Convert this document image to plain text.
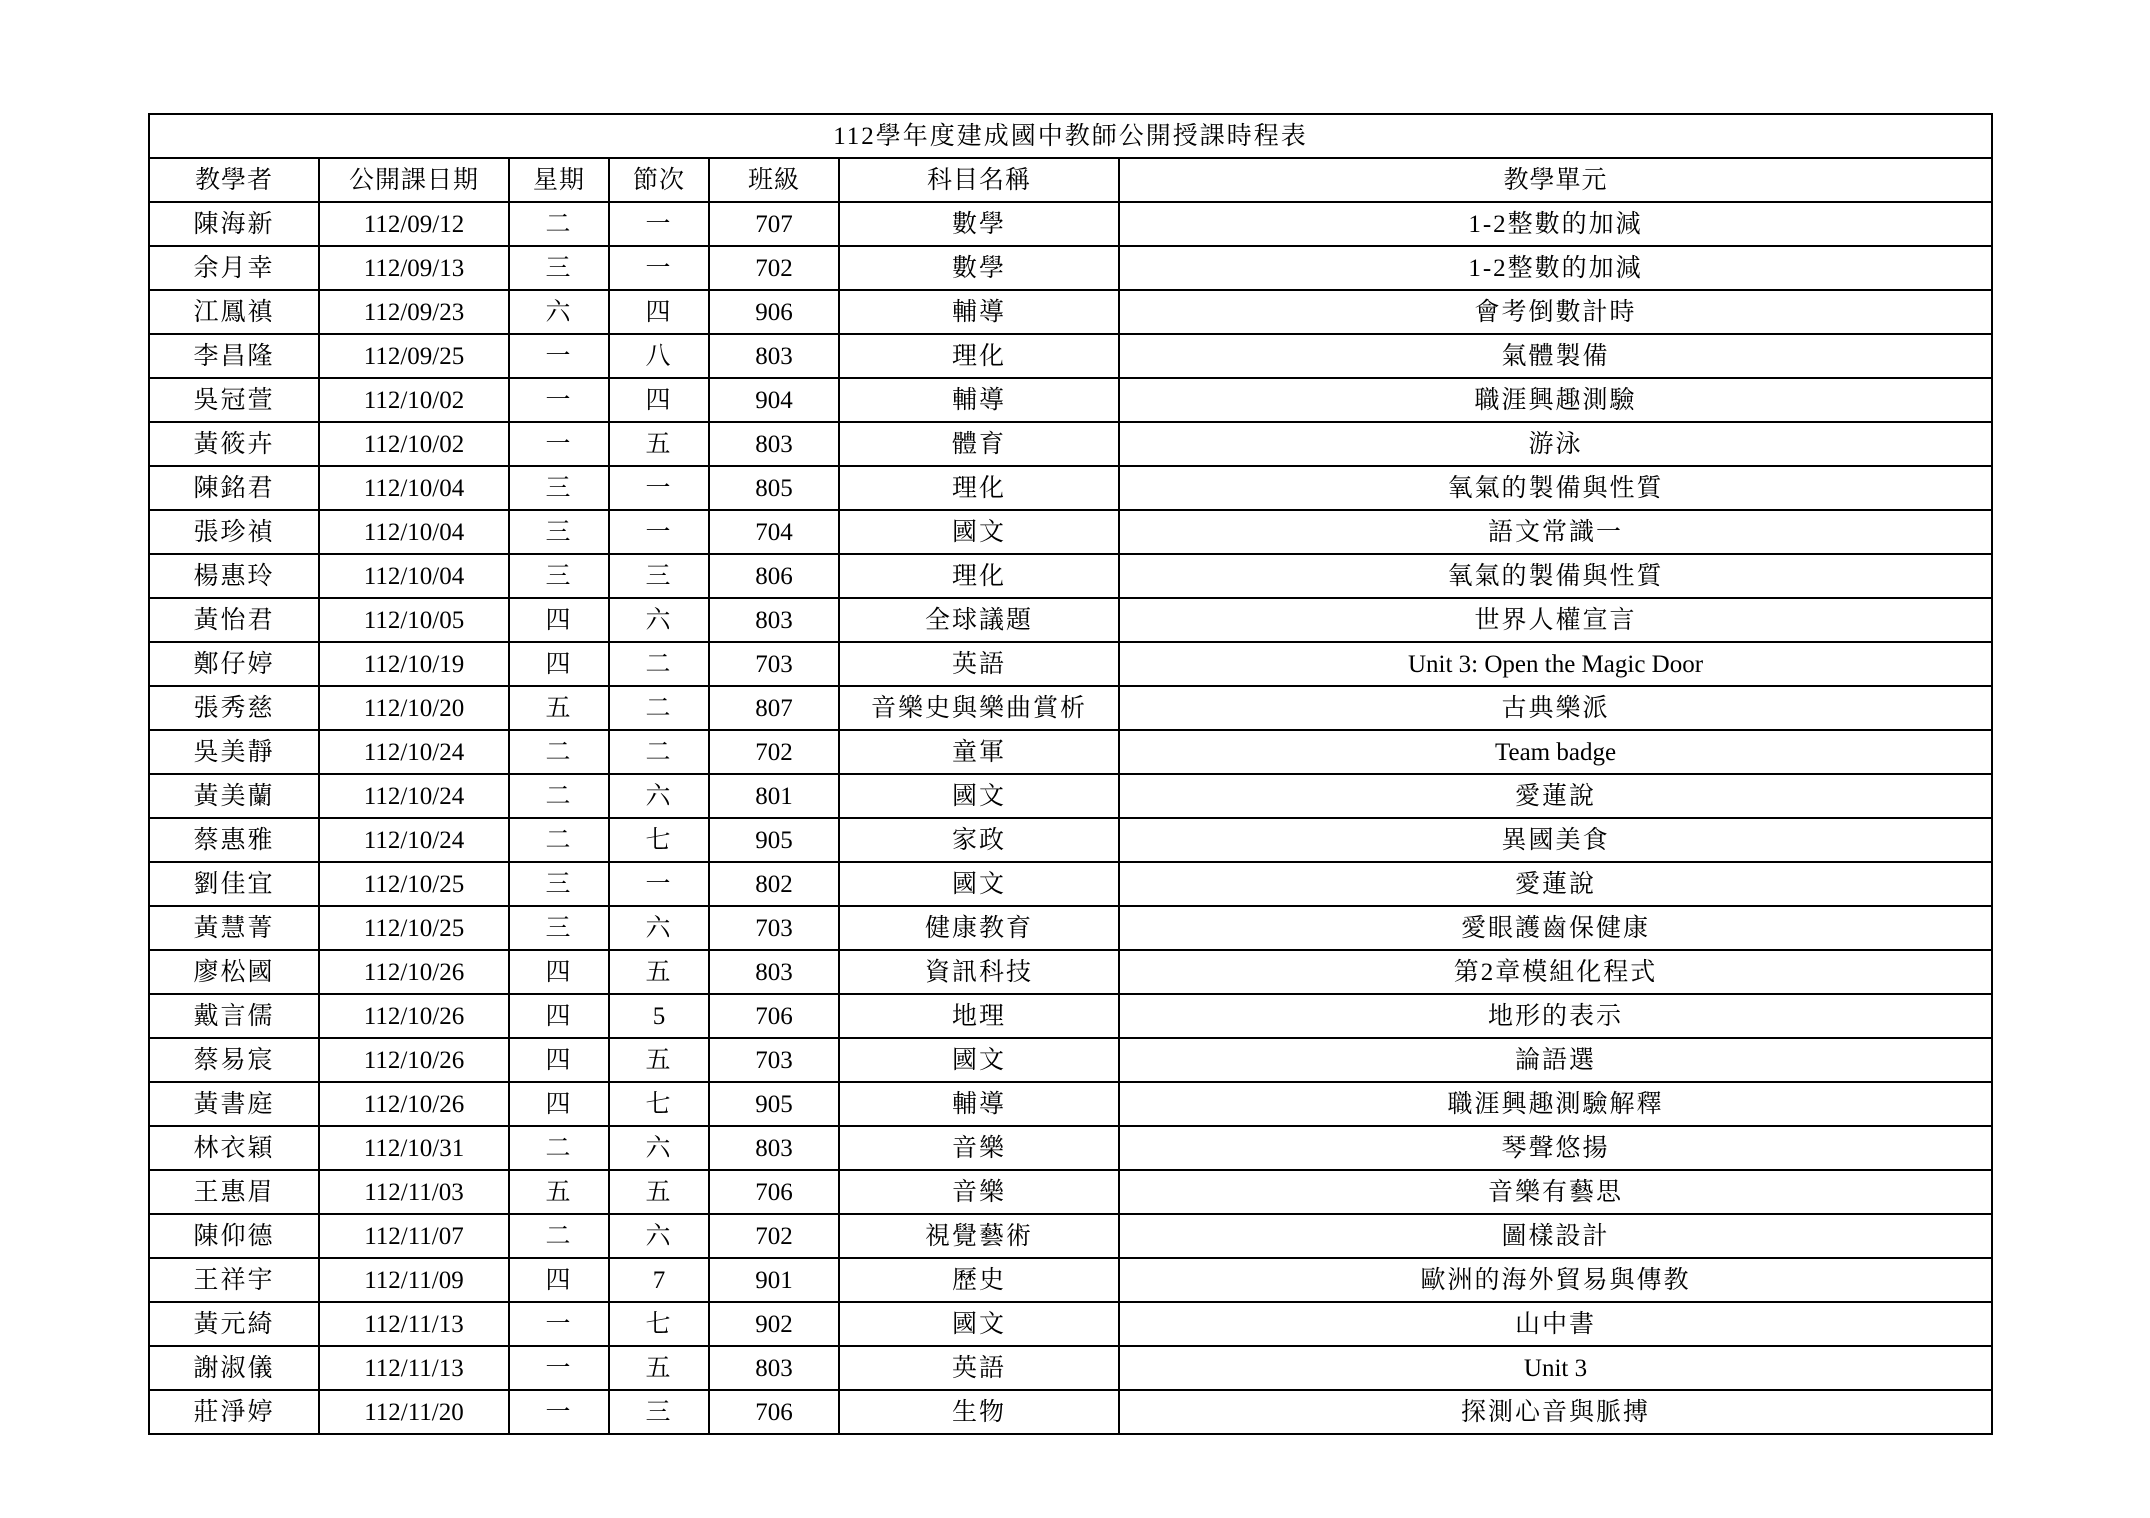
112學年度建成國中教師公開授課時程表						
教學者	公開課日期	星期	節次	班級	科目名稱	教學單元
陳海新	112/09/12	二	一	707	數學	1-2整數的加減
余月幸	112/09/13	三	一	702	數學	1-2整數的加減
江鳳禛	112/09/23	六	四	906	輔導	會考倒數計時
李昌隆	112/09/25	一	八	803	理化	氣體製備
吳冠萱	112/10/02	一	四	904	輔導	職涯興趣測驗
黃筱卉	112/10/02	一	五	803	體育	游泳
陳銘君	112/10/04	三	一	805	理化	氧氣的製備與性質
張珍禎	112/10/04	三	一	704	國文	語文常識一
楊惠玲	112/10/04	三	三	806	理化	氧氣的製備與性質
黃怡君	112/10/05	四	六	803	全球議題	世界人權宣言
鄭仔婷	112/10/19	四	二	703	英語	Unit 3: Open the Magic Door
張秀慈	112/10/20	五	二	807	音樂史與樂曲賞析	古典樂派
吳美靜	112/10/24	二	二	702	童軍	Team badge
黃美蘭	112/10/24	二	六	801	國文	愛蓮說
蔡惠雅	112/10/24	二	七	905	家政	異國美食
劉佳宜	112/10/25	三	一	802	國文	愛蓮說
黃慧菁	112/10/25	三	六	703	健康教育	愛眼護齒保健康
廖松國	112/10/26	四	五	803	資訊科技	第2章模組化程式
戴言儒	112/10/26	四	5	706	地理	地形的表示
蔡易宸	112/10/26	四	五	703	國文	論語選
黃書庭	112/10/26	四	七	905	輔導	職涯興趣測驗解釋
林衣穎	112/10/31	二	六	803	音樂	琴聲悠揚
王惠眉	112/11/03	五	五	706	音樂	音樂有藝思
陳仰德	112/11/07	二	六	702	視覺藝術	圖樣設計
王祥宇	112/11/09	四	7	901	歷史	歐洲的海外貿易與傳教
黃元綺	112/11/13	一	七	902	國文	山中書
謝淑儀	112/11/13	一	五	803	英語	Unit 3
莊淨婷	112/11/20	一	三	706	生物	探測心音與脈搏
